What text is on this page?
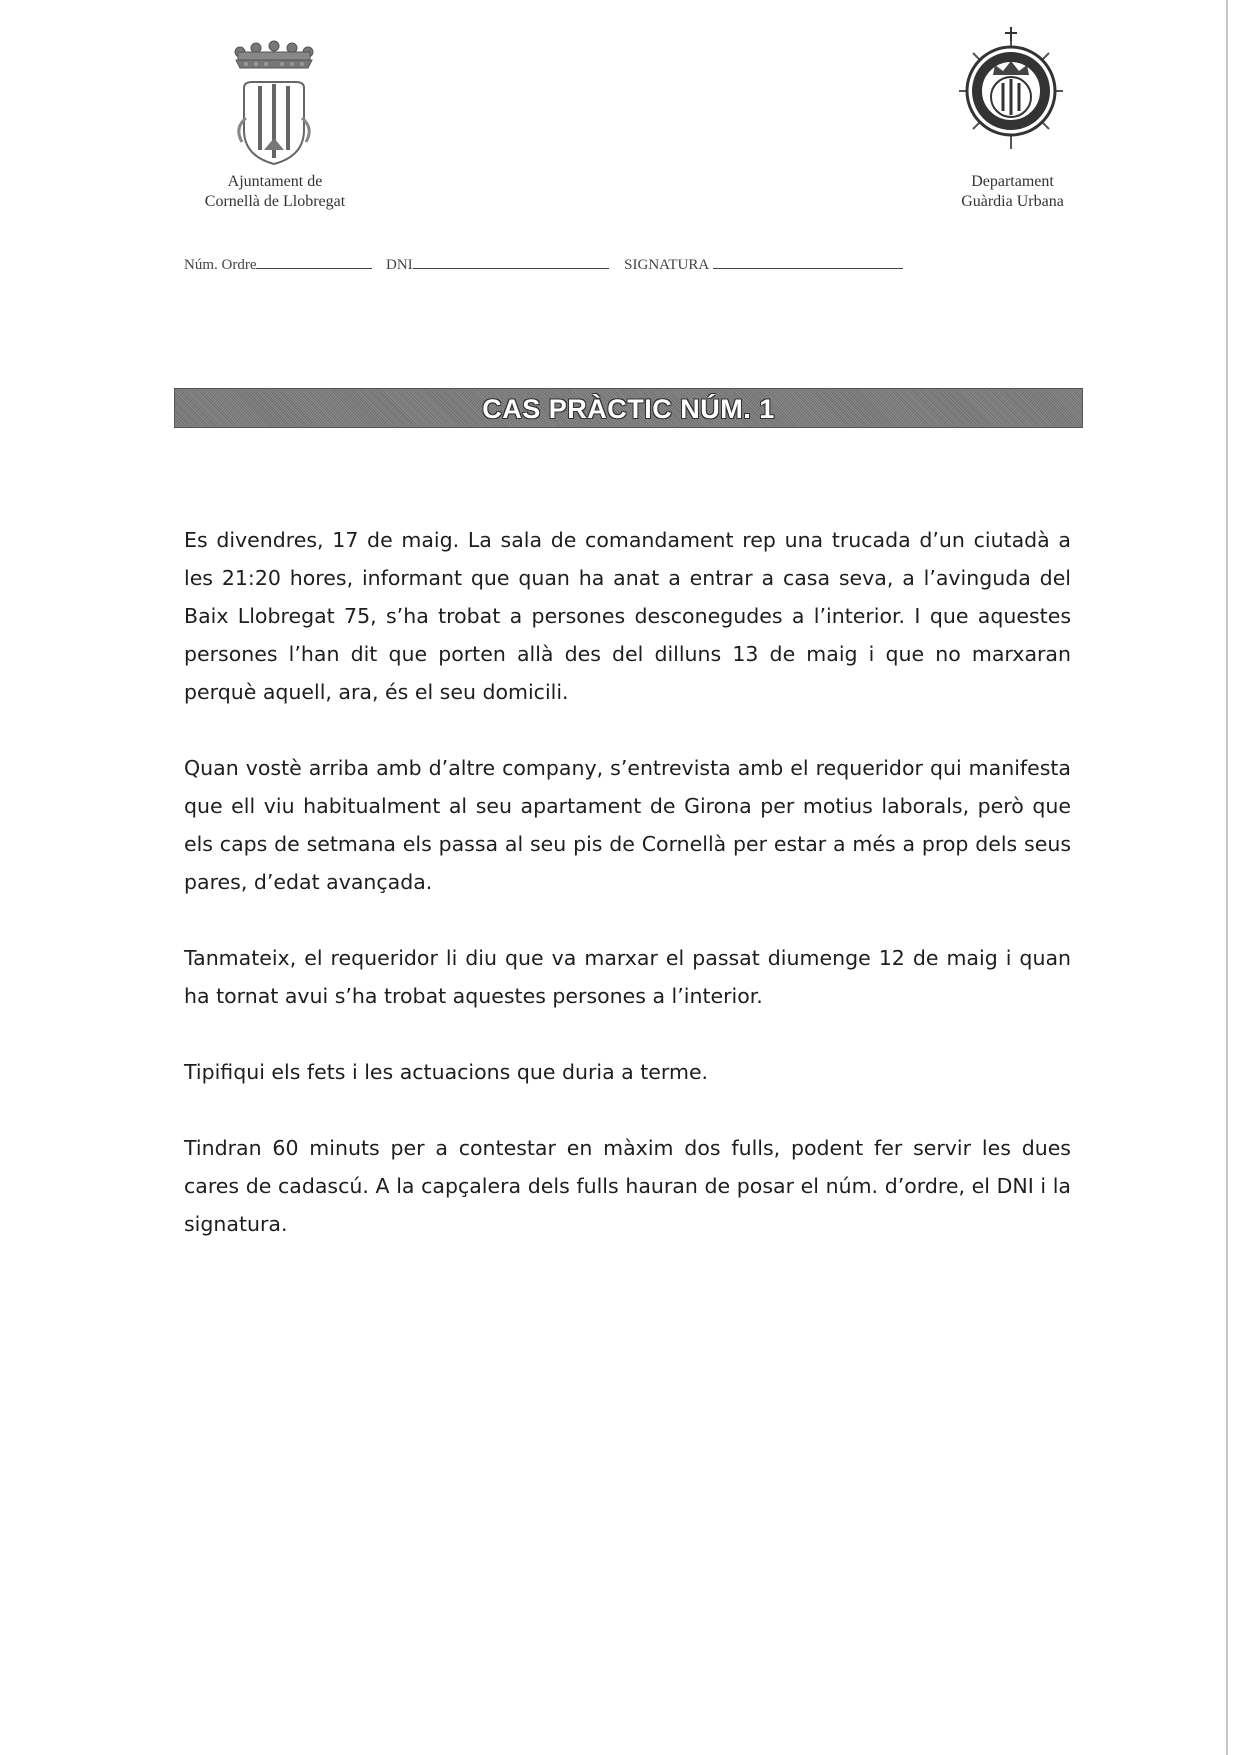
Ajuntament de
Cornellà de Llobregat
Departament
Guàrdia Urbana
Núm. Ordre	DNI	SIGNATURA
CAS PRÀCTIC NÚM. 1

Es divendres, 17 de maig. La sala de comandament rep una trucada d’un ciutadà a les 21:20 hores, informant que quan ha anat a entrar a casa seva, a l’avinguda del Baix Llobregat 75, s’ha trobat a persones desconegudes a l’interior. I que aquestes persones l’han dit que porten allà des del dilluns 13 de maig i que no marxaran perquè aquell, ara, és el seu domicili.

Quan vostè arriba amb d’altre company, s’entrevista amb el requeridor qui manifesta que ell viu habitualment al seu apartament de Girona per motius laborals, però que els caps de setmana els passa al seu pis de Cornellà per estar a més a prop dels seus pares, d’edat avançada.

Tanmateix, el requeridor li diu que va marxar el passat diumenge 12 de maig i quan ha tornat avui s’ha trobat aquestes persones a l’interior.

Tipifiqui els fets i les actuacions que duria a terme.

Tindran 60 minuts per a contestar en màxim dos fulls, podent fer servir les dues cares de cadascú. A la capçalera dels fulls hauran de posar el núm. d’ordre, el DNI i la signatura.
